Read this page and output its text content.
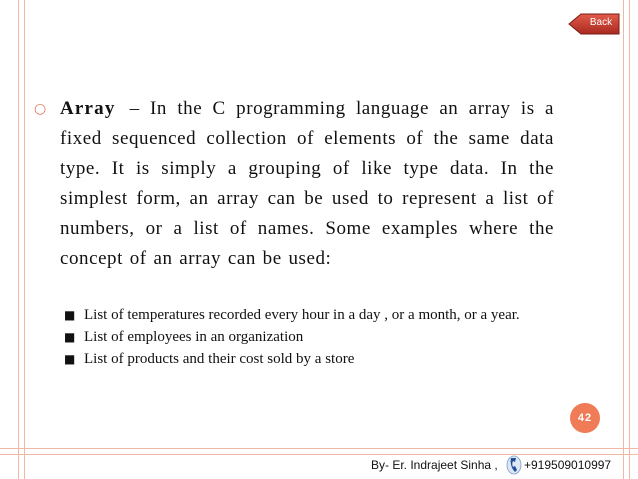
Back
○ Array – In the C programming language an array is a fixed sequenced collection of elements of the same data type. It is simply a grouping of like type data. In the simplest form, an array can be used to represent a list of numbers, or a list of names. Some examples where the concept of an array can be used:

■ List of temperatures recorded every hour in a day , or a month, or a year.
■ List of employees in an organization
■ List of products and their cost sold by a store
42
By- Er. Indrajeet Sinha , +919509010997
